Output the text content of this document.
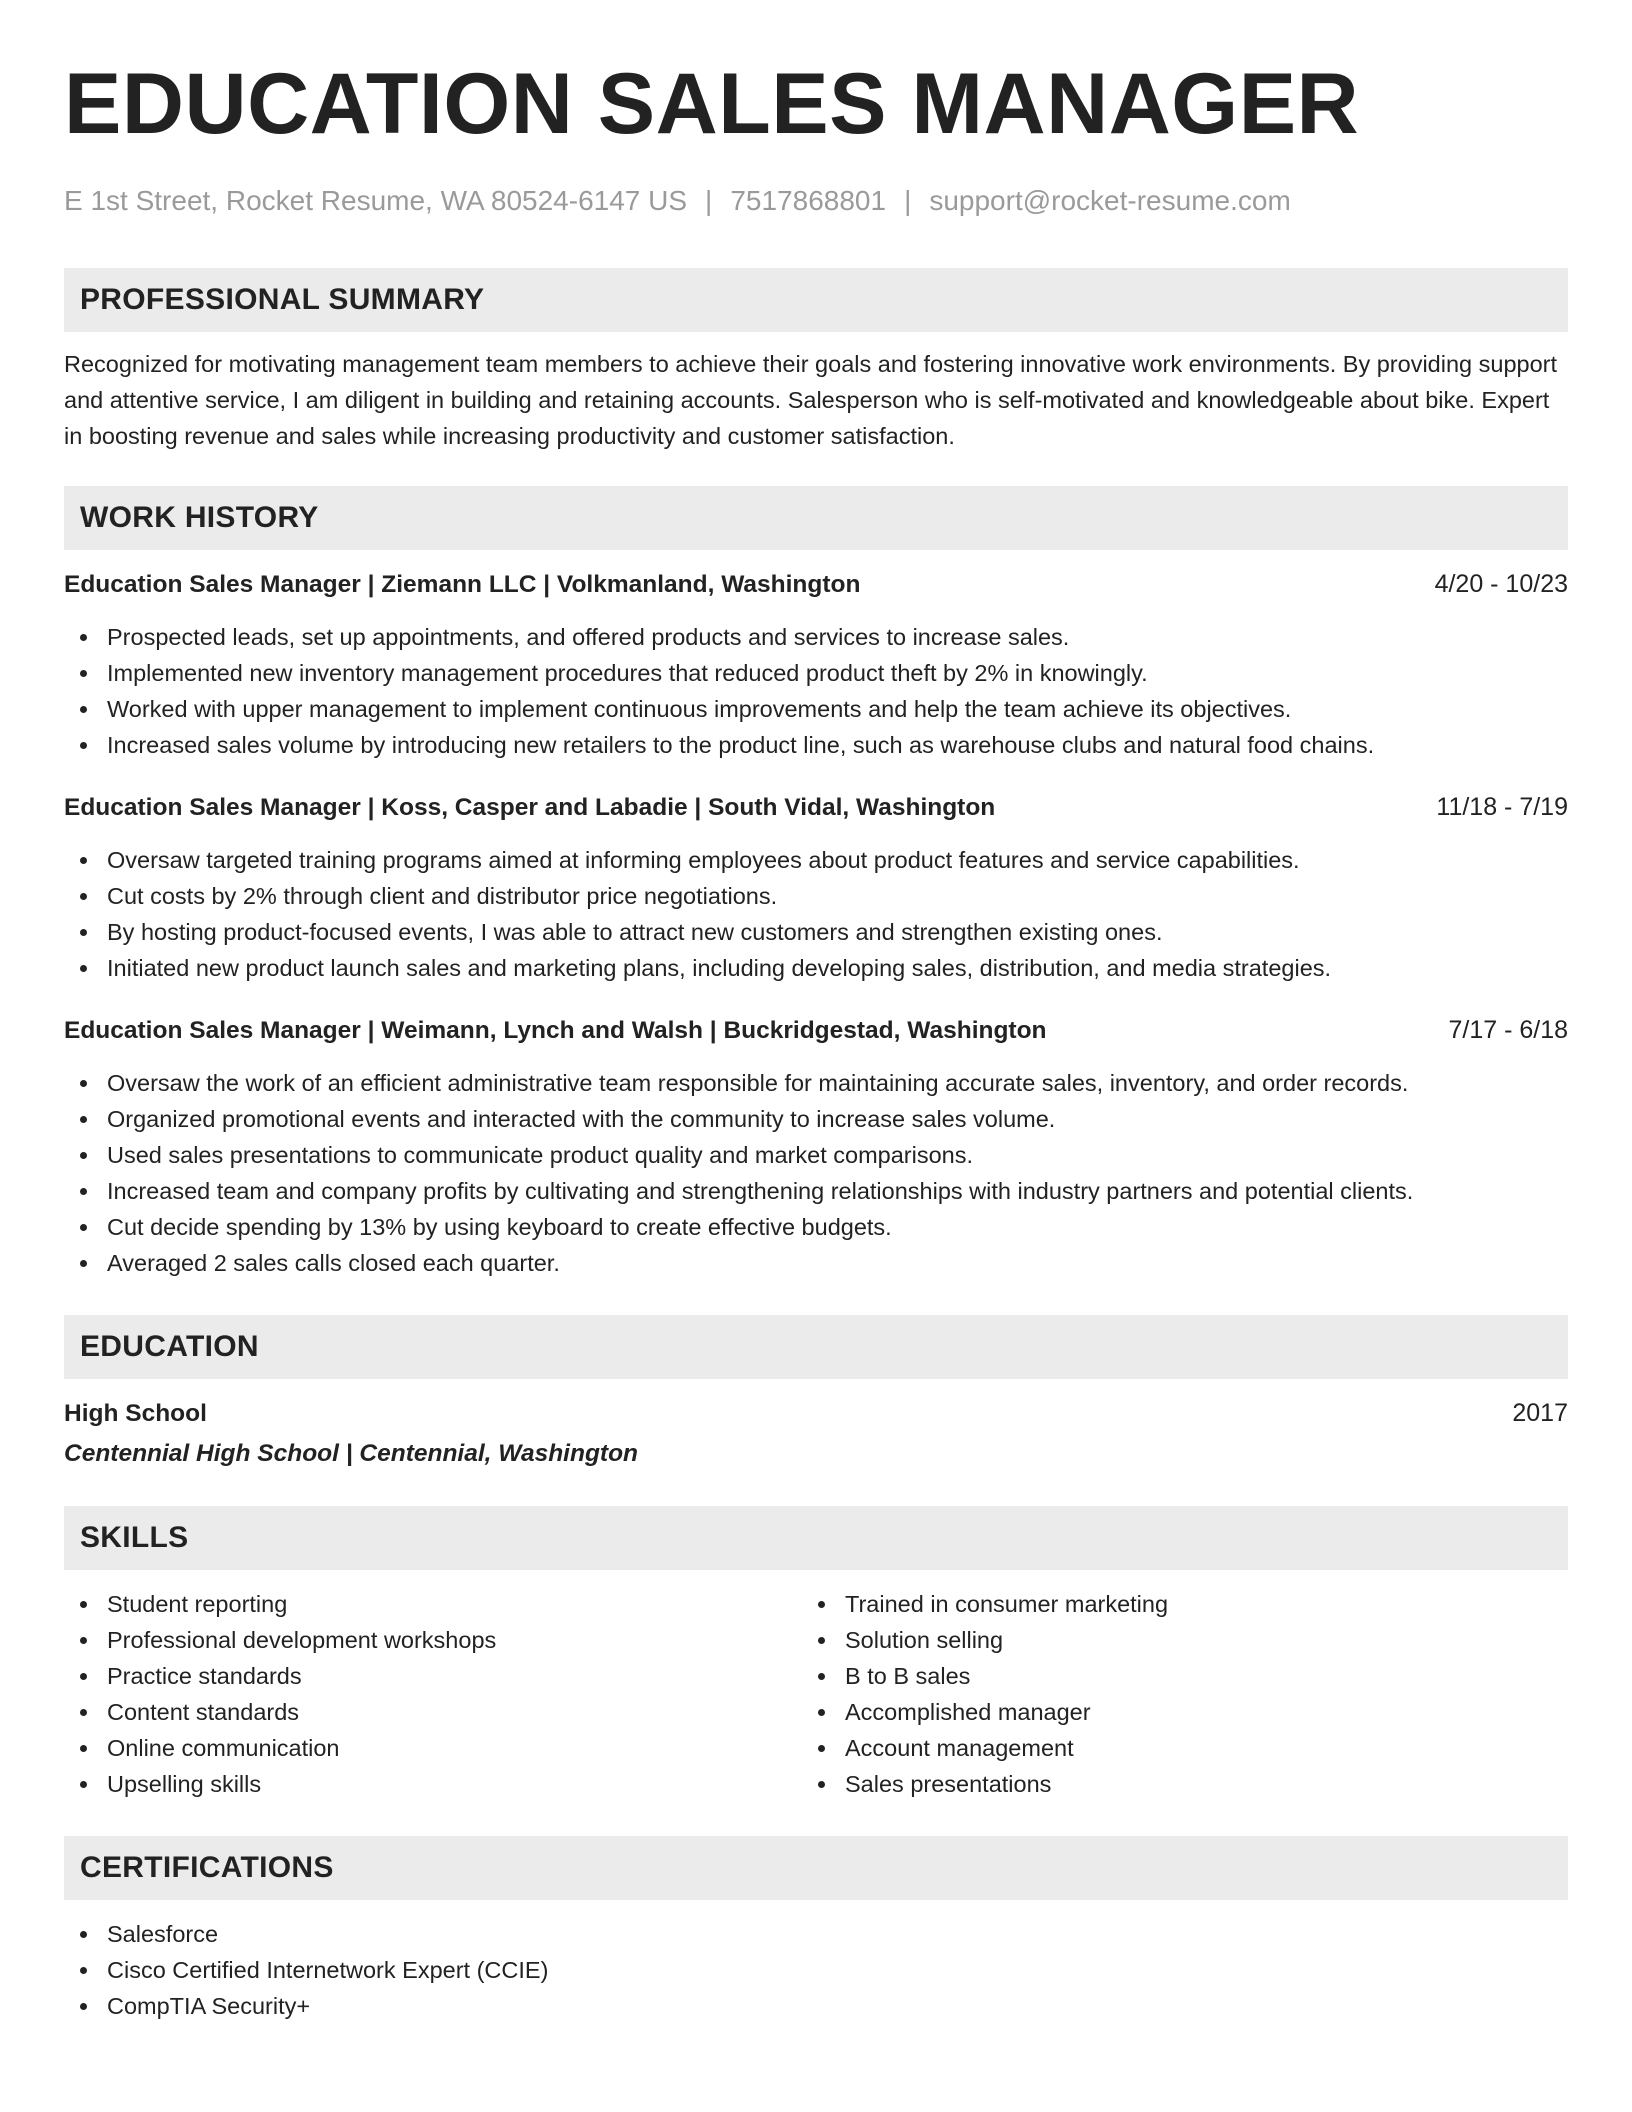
EDUCATION SALES MANAGER
E 1st Street, Rocket Resume, WA 80524-6147 US | 7517868801 | support@rocket-resume.com
PROFESSIONAL SUMMARY
Recognized for motivating management team members to achieve their goals and fostering innovative work environments. By providing support and attentive service, I am diligent in building and retaining accounts. Salesperson who is self-motivated and knowledgeable about bike. Expert in boosting revenue and sales while increasing productivity and customer satisfaction.
WORK HISTORY
Education Sales Manager | Ziemann LLC | Volkmanland, Washington	4/20 - 10/23
Prospected leads, set up appointments, and offered products and services to increase sales.
Implemented new inventory management procedures that reduced product theft by 2% in knowingly.
Worked with upper management to implement continuous improvements and help the team achieve its objectives.
Increased sales volume by introducing new retailers to the product line, such as warehouse clubs and natural food chains.
Education Sales Manager | Koss, Casper and Labadie | South Vidal, Washington	11/18 - 7/19
Oversaw targeted training programs aimed at informing employees about product features and service capabilities.
Cut costs by 2% through client and distributor price negotiations.
By hosting product-focused events, I was able to attract new customers and strengthen existing ones.
Initiated new product launch sales and marketing plans, including developing sales, distribution, and media strategies.
Education Sales Manager | Weimann, Lynch and Walsh | Buckridgestad, Washington	7/17 - 6/18
Oversaw the work of an efficient administrative team responsible for maintaining accurate sales, inventory, and order records.
Organized promotional events and interacted with the community to increase sales volume.
Used sales presentations to communicate product quality and market comparisons.
Increased team and company profits by cultivating and strengthening relationships with industry partners and potential clients.
Cut decide spending by 13% by using keyboard to create effective budgets.
Averaged 2 sales calls closed each quarter.
EDUCATION
High School	2017
Centennial High School | Centennial, Washington
SKILLS
Student reporting
Professional development workshops
Practice standards
Content standards
Online communication
Upselling skills
Trained in consumer marketing
Solution selling
B to B sales
Accomplished manager
Account management
Sales presentations
CERTIFICATIONS
Salesforce
Cisco Certified Internetwork Expert (CCIE)
CompTIA Security+
